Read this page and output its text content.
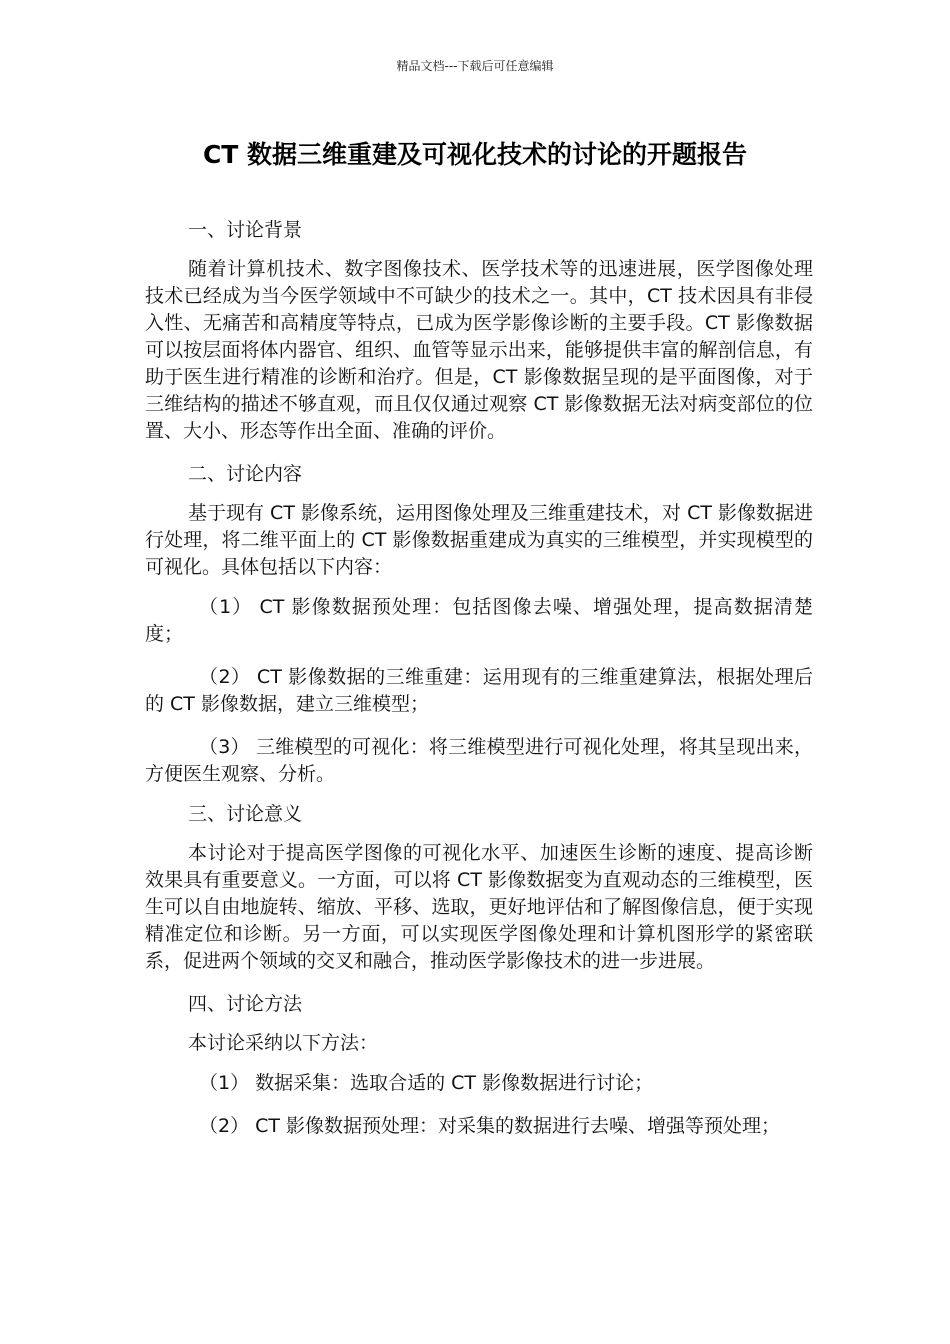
精品文档---下载后可任意编辑
CT 数据三维重建及可视化技术的讨论的开题报告
一、讨论背景

随着计算机技术、数字图像技术、医学技术等的迅速进展，医学图像处理技术已经成为当今医学领域中不可缺少的技术之一。其中，CT 技术因具有非侵入性、无痛苦和高精度等特点，已成为医学影像诊断的主要手段。CT 影像数据可以按层面将体内器官、组织、血管等显示出来，能够提供丰富的解剖信息，有助于医生进行精准的诊断和治疗。但是，CT 影像数据呈现的是平面图像，对于三维结构的描述不够直观，而且仅仅通过观察 CT 影像数据无法对病变部位的位置、大小、形态等作出全面、准确的评价。

二、讨论内容

基于现有 CT 影像系统，运用图像处理及三维重建技术，对 CT 影像数据进行处理，将二维平面上的 CT 影像数据重建成为真实的三维模型，并实现模型的可视化。具体包括以下内容：

（1） CT 影像数据预处理：包括图像去噪、增强处理，提高数据清楚度；

（2） CT 影像数据的三维重建：运用现有的三维重建算法，根据处理后的 CT 影像数据，建立三维模型；

（3） 三维模型的可视化：将三维模型进行可视化处理，将其呈现出来，方便医生观察、分析。

三、讨论意义

本讨论对于提高医学图像的可视化水平、加速医生诊断的速度、提高诊断效果具有重要意义。一方面，可以将 CT 影像数据变为直观动态的三维模型，医生可以自由地旋转、缩放、平移、选取，更好地评估和了解图像信息，便于实现精准定位和诊断。另一方面，可以实现医学图像处理和计算机图形学的紧密联系，促进两个领域的交叉和融合，推动医学影像技术的进一步进展。

四、讨论方法

本讨论采纳以下方法：

（1） 数据采集：选取合适的 CT 影像数据进行讨论；

（2） CT 影像数据预处理：对采集的数据进行去噪、增强等预处理；
